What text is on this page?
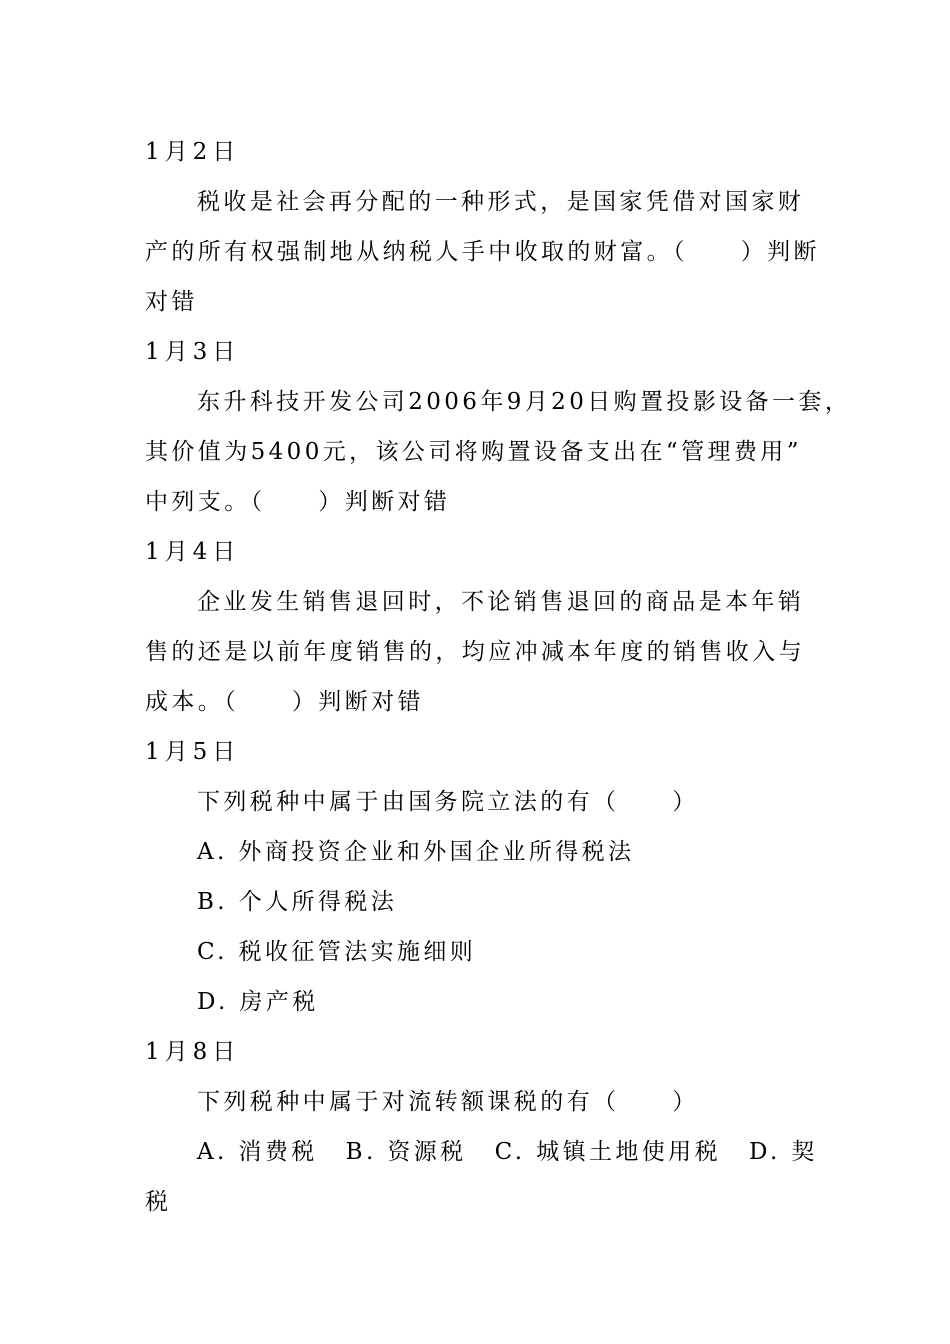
1月2日
税收是社会再分配的一种形式，是国家凭借对国家财
产的所有权强制地从纳税人手中收取的财富。（　　）判断
对错
1月3日
东升科技开发公司2006年9月20日购置投影设备一套，
其价值为5400元，该公司将购置设备支出在“管理费用”
中列支。（　　）判断对错
1月4日
企业发生销售退回时，不论销售退回的商品是本年销
售的还是以前年度销售的，均应冲减本年度的销售收入与
成本。（　　）判断对错
1月5日
下列税种中属于由国务院立法的有（　　）
A. 外商投资企业和外国企业所得税法
B. 个人所得税法
C. 税收征管法实施细则
D. 房产税
1月8日
下列税种中属于对流转额课税的有（　　）
A. 消费税 B. 资源税 C. 城镇土地使用税 D. 契
税
